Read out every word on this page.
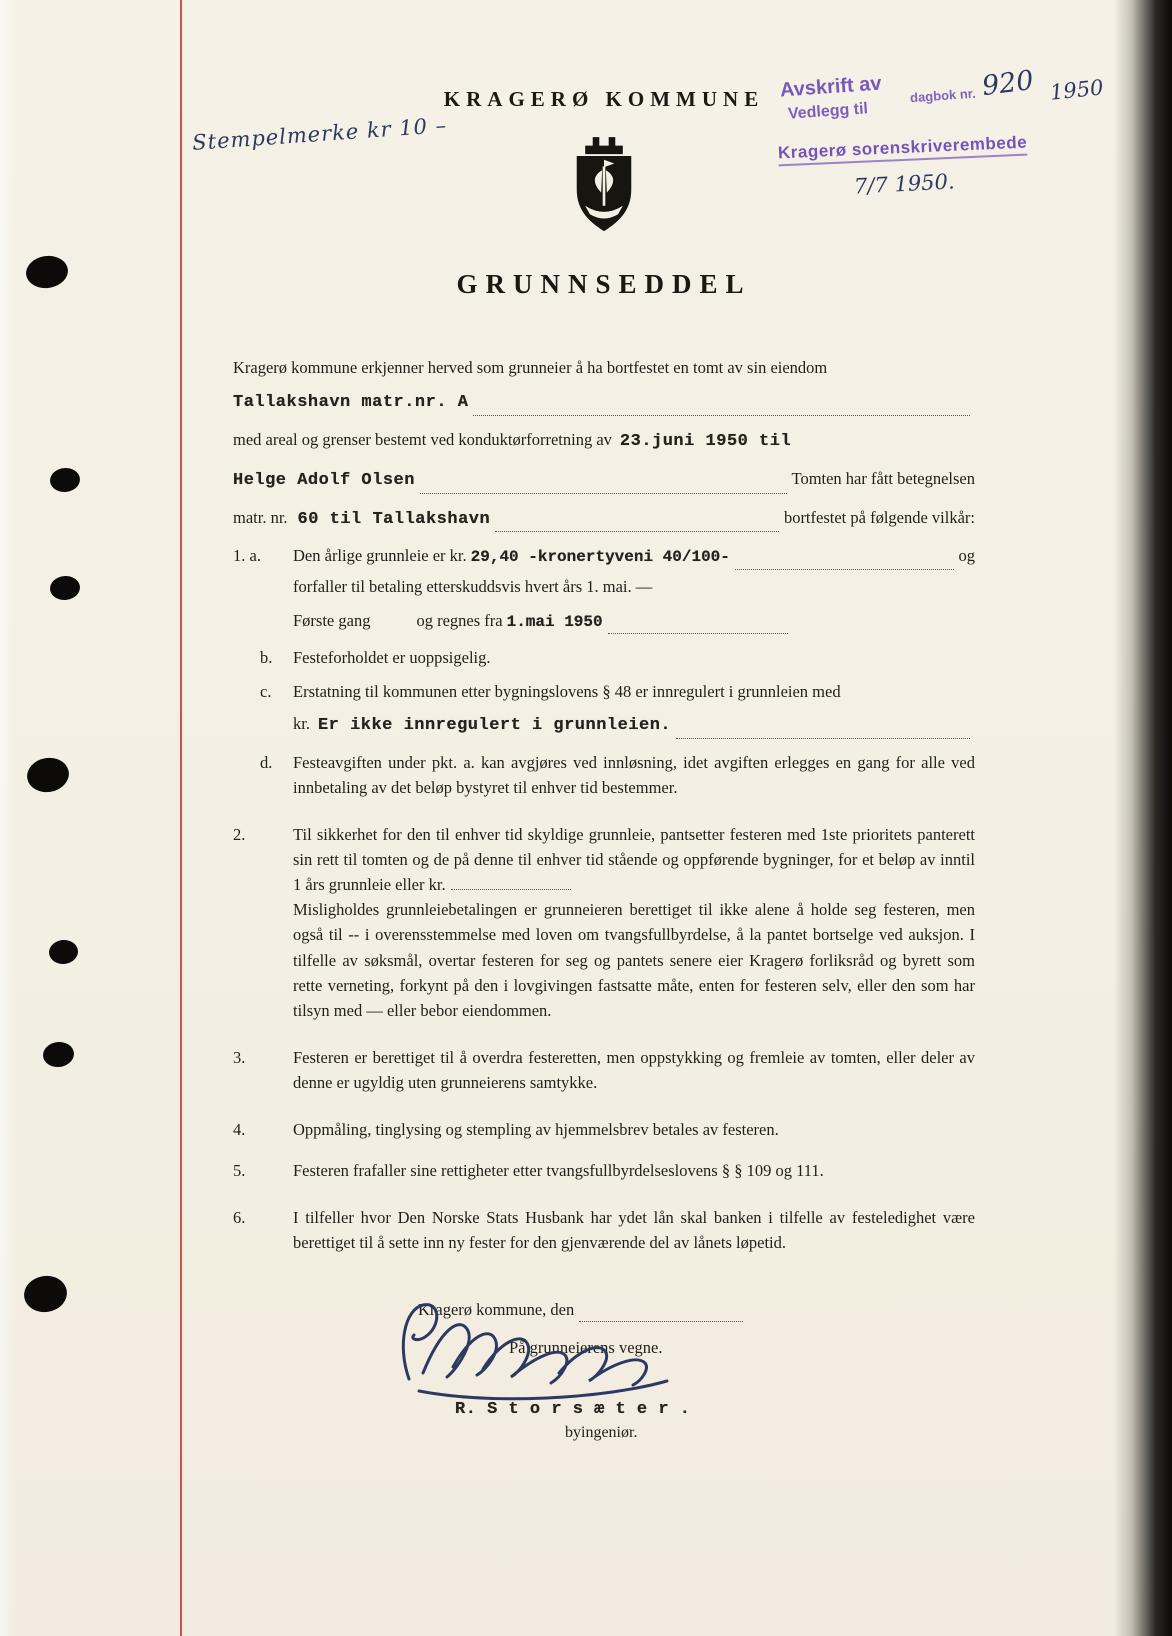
Stempelmerke kr 10 –
Avskrift av dagbok nr. 920 1950
Vedlegg til
Kragerø sorenskriverembede
7/7 1950.
KRAGERØ KOMMUNE
GRUNNSEDDEL

Kragerø kommune erkjenner herved som grunneier å ha bortfestet en tomt av sin eiendom

Tallakshavn matr.nr. A
med areal og grenser bestemt ved konduktørforretning av 23.juni 1950 til
Helge Adolf Olsen	Tomten har fått betegnelsen
matr. nr. 60 til Tallakshavn	bortfestet på følgende vilkår:
1. a.	Den årlige grunnleie er kr. 29,40 -kronertyveni 40/100-	og
forfaller til betaling etterskuddsvis hvert års 1. mai. —
Første gang	og regnes fra 1.mai 1950
b.	Festeforholdet er uoppsigelig.
c.	Erstatning til kommunen etter bygningslovens § 48 er innregulert i grunnleien med
kr. Er ikke innregulert i grunnleien.
d.	Festeavgiften under pkt. a. kan avgjøres ved innløsning, idet avgiften erlegges en gang for alle ved innbetaling av det beløp bystyret til enhver tid bestemmer.
2.	Til sikkerhet for den til enhver tid skyldige grunnleie, pantsetter festeren med 1ste prioritets panterett sin rett til tomten og de på denne til enhver tid stående og oppførende bygninger, for et beløp av inntil 1 års grunnleie eller kr.
Misligholdes grunnleiebetalingen er grunneieren berettiget til ikke alene å holde seg festeren, men også til -- i overensstemmelse med loven om tvangsfullbyrdelse, å la pantet bortselge ved auksjon. I tilfelle av søksmål, overtar festeren for seg og pantets senere eier Kragerø forliksråd og byrett som rette verneting, forkynt på den i lovgivingen fastsatte måte, enten for festeren selv, eller den som har tilsyn med — eller bebor eiendommen.
3.	Festeren er berettiget til å overdra festeretten, men oppstykking og fremleie av tomten, eller deler av denne er ugyldig uten grunneierens samtykke.
4.	Oppmåling, tinglysing og stempling av hjemmelsbrev betales av festeren.
5.	Festeren frafaller sine rettigheter etter tvangsfullbyrdelseslovens § § 109 og 111.
6.	I tilfeller hvor Den Norske Stats Husbank har ydet lån skal banken i tilfelle av festeledighet være berettiget til å sette inn ny fester for den gjenværende del av lånets løpetid.
Kragerø kommune, den
På grunneierens vegne.
R. S t o r s æ t e r .
byingeniør.
